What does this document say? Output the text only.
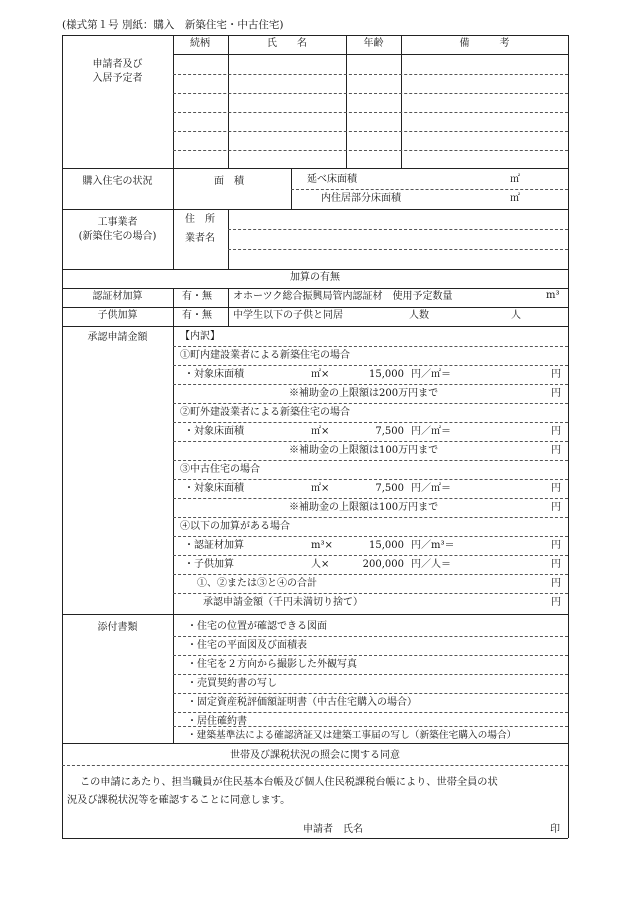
(様式第１号 別紙：購入　新築住宅・中古住宅)
続柄	氏　　名	年齢	備　　　考
申請者及び
入居予定者
購入住宅の状況	面　積	延べ床面積	㎡
内住居部分床面積	㎡
工事業者
(新築住宅の場合)
住　所
業者名
加算の有無
認証材加算	有・無 オホーツク総合振興局管内認証材　使用予定数量	m³
子供加算	有・無 中学生以下の子供と同居	人数	人
承認申請金額	【内訳】
①町内建設業者による新築住宅の場合
・対象床面積	㎡×	15,000 円／㎡＝	円
※補助金の上限額は200万円まで	円
②町外建設業者による新築住宅の場合
・対象床面積	㎡×	7,500 円／㎡＝	円
※補助金の上限額は100万円まで	円
③中古住宅の場合
・対象床面積	㎡×	7,500 円／㎡＝	円
※補助金の上限額は100万円まで	円
④以下の加算がある場合
・認証材加算	m³×	15,000 円／m³＝	円
・子供加算	人×	200,000 円／人＝	円
①、②または③と④の合計	円
承認申請金額（千円未満切り捨て）	円
添付書類	・住宅の位置が確認できる図面
・住宅の平面図及び面積表
・住宅を２方向から撮影した外観写真
・売買契約書の写し
・固定資産税評価額証明書（中古住宅購入の場合）
・居住確約書
・建築基準法による確認済証又は建築工事届の写し（新築住宅購入の場合）
世帯及び課税状況の照会に関する同意
この申請にあたり、担当職員が住民基本台帳及び個人住民税課税台帳により、世帯全員の状
況及び課税状況等を確認することに同意します。
申請者　氏名	印
